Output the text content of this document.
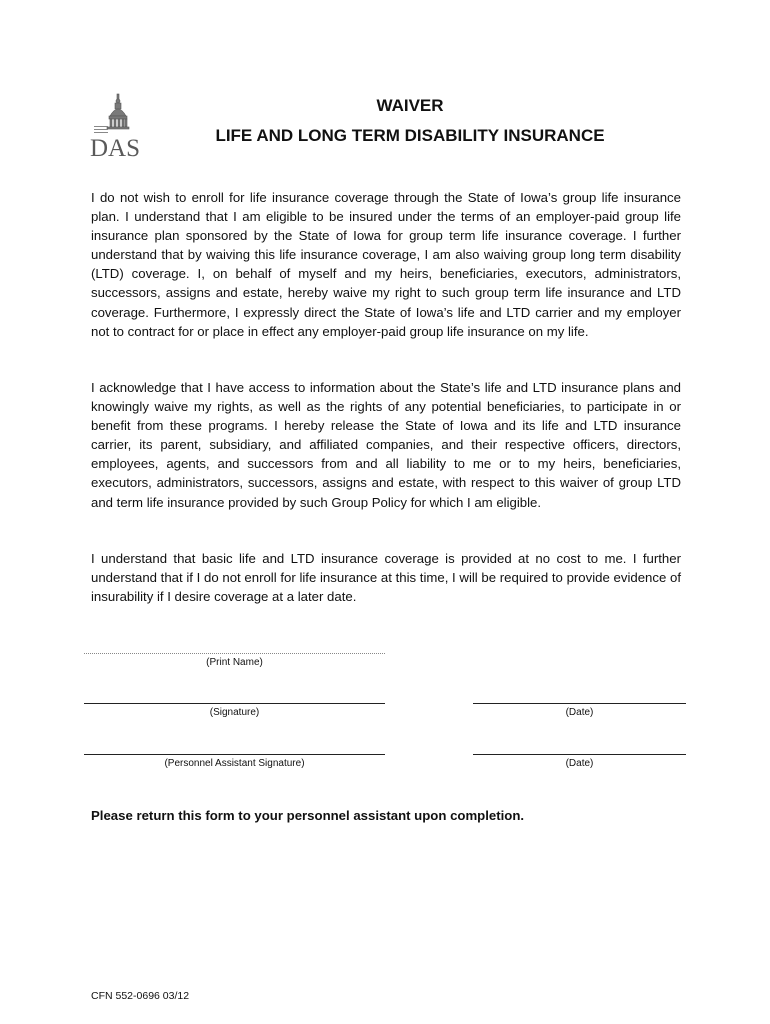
DAS
WAIVER
LIFE AND LONG TERM DISABILITY INSURANCE

I do not wish to enroll for life insurance coverage through the State of Iowa’s group life insurance plan. I understand that I am eligible to be insured under the terms of an employer-paid group life insurance plan sponsored by the State of Iowa for group term life insurance coverage. I further understand that by waiving this life insurance coverage, I am also waiving group long term disability (LTD) coverage. I, on behalf of myself and my heirs, beneficiaries, executors, administrators, successors, assigns and estate, hereby waive my right to such group term life insurance and LTD coverage. Furthermore, I expressly direct the State of Iowa’s life and LTD carrier and my employer not to contract for or place in effect any employer-paid group life insurance on my life.

I acknowledge that I have access to information about the State’s life and LTD insurance plans and knowingly waive my rights, as well as the rights of any potential beneficiaries, to participate in or benefit from these programs. I hereby release the State of Iowa and its life and LTD insurance carrier, its parent, subsidiary, and affiliated companies, and their respective officers, directors, employees, agents, and successors from and all liability to me or to my heirs, beneficiaries, executors, administrators, successors, assigns and estate, with respect to this waiver of group LTD and term life insurance provided by such Group Policy for which I am eligible.

I understand that basic life and LTD insurance coverage is provided at no cost to me. I further understand that if I do not enroll for life insurance at this time, I will be required to provide evidence of insurability if I desire coverage at a later date.

(Print Name)
(Signature)	(Date)
(Personnel Assistant Signature)	(Date)
Please return this form to your personnel assistant upon completion.
CFN 552-0696 03/12
